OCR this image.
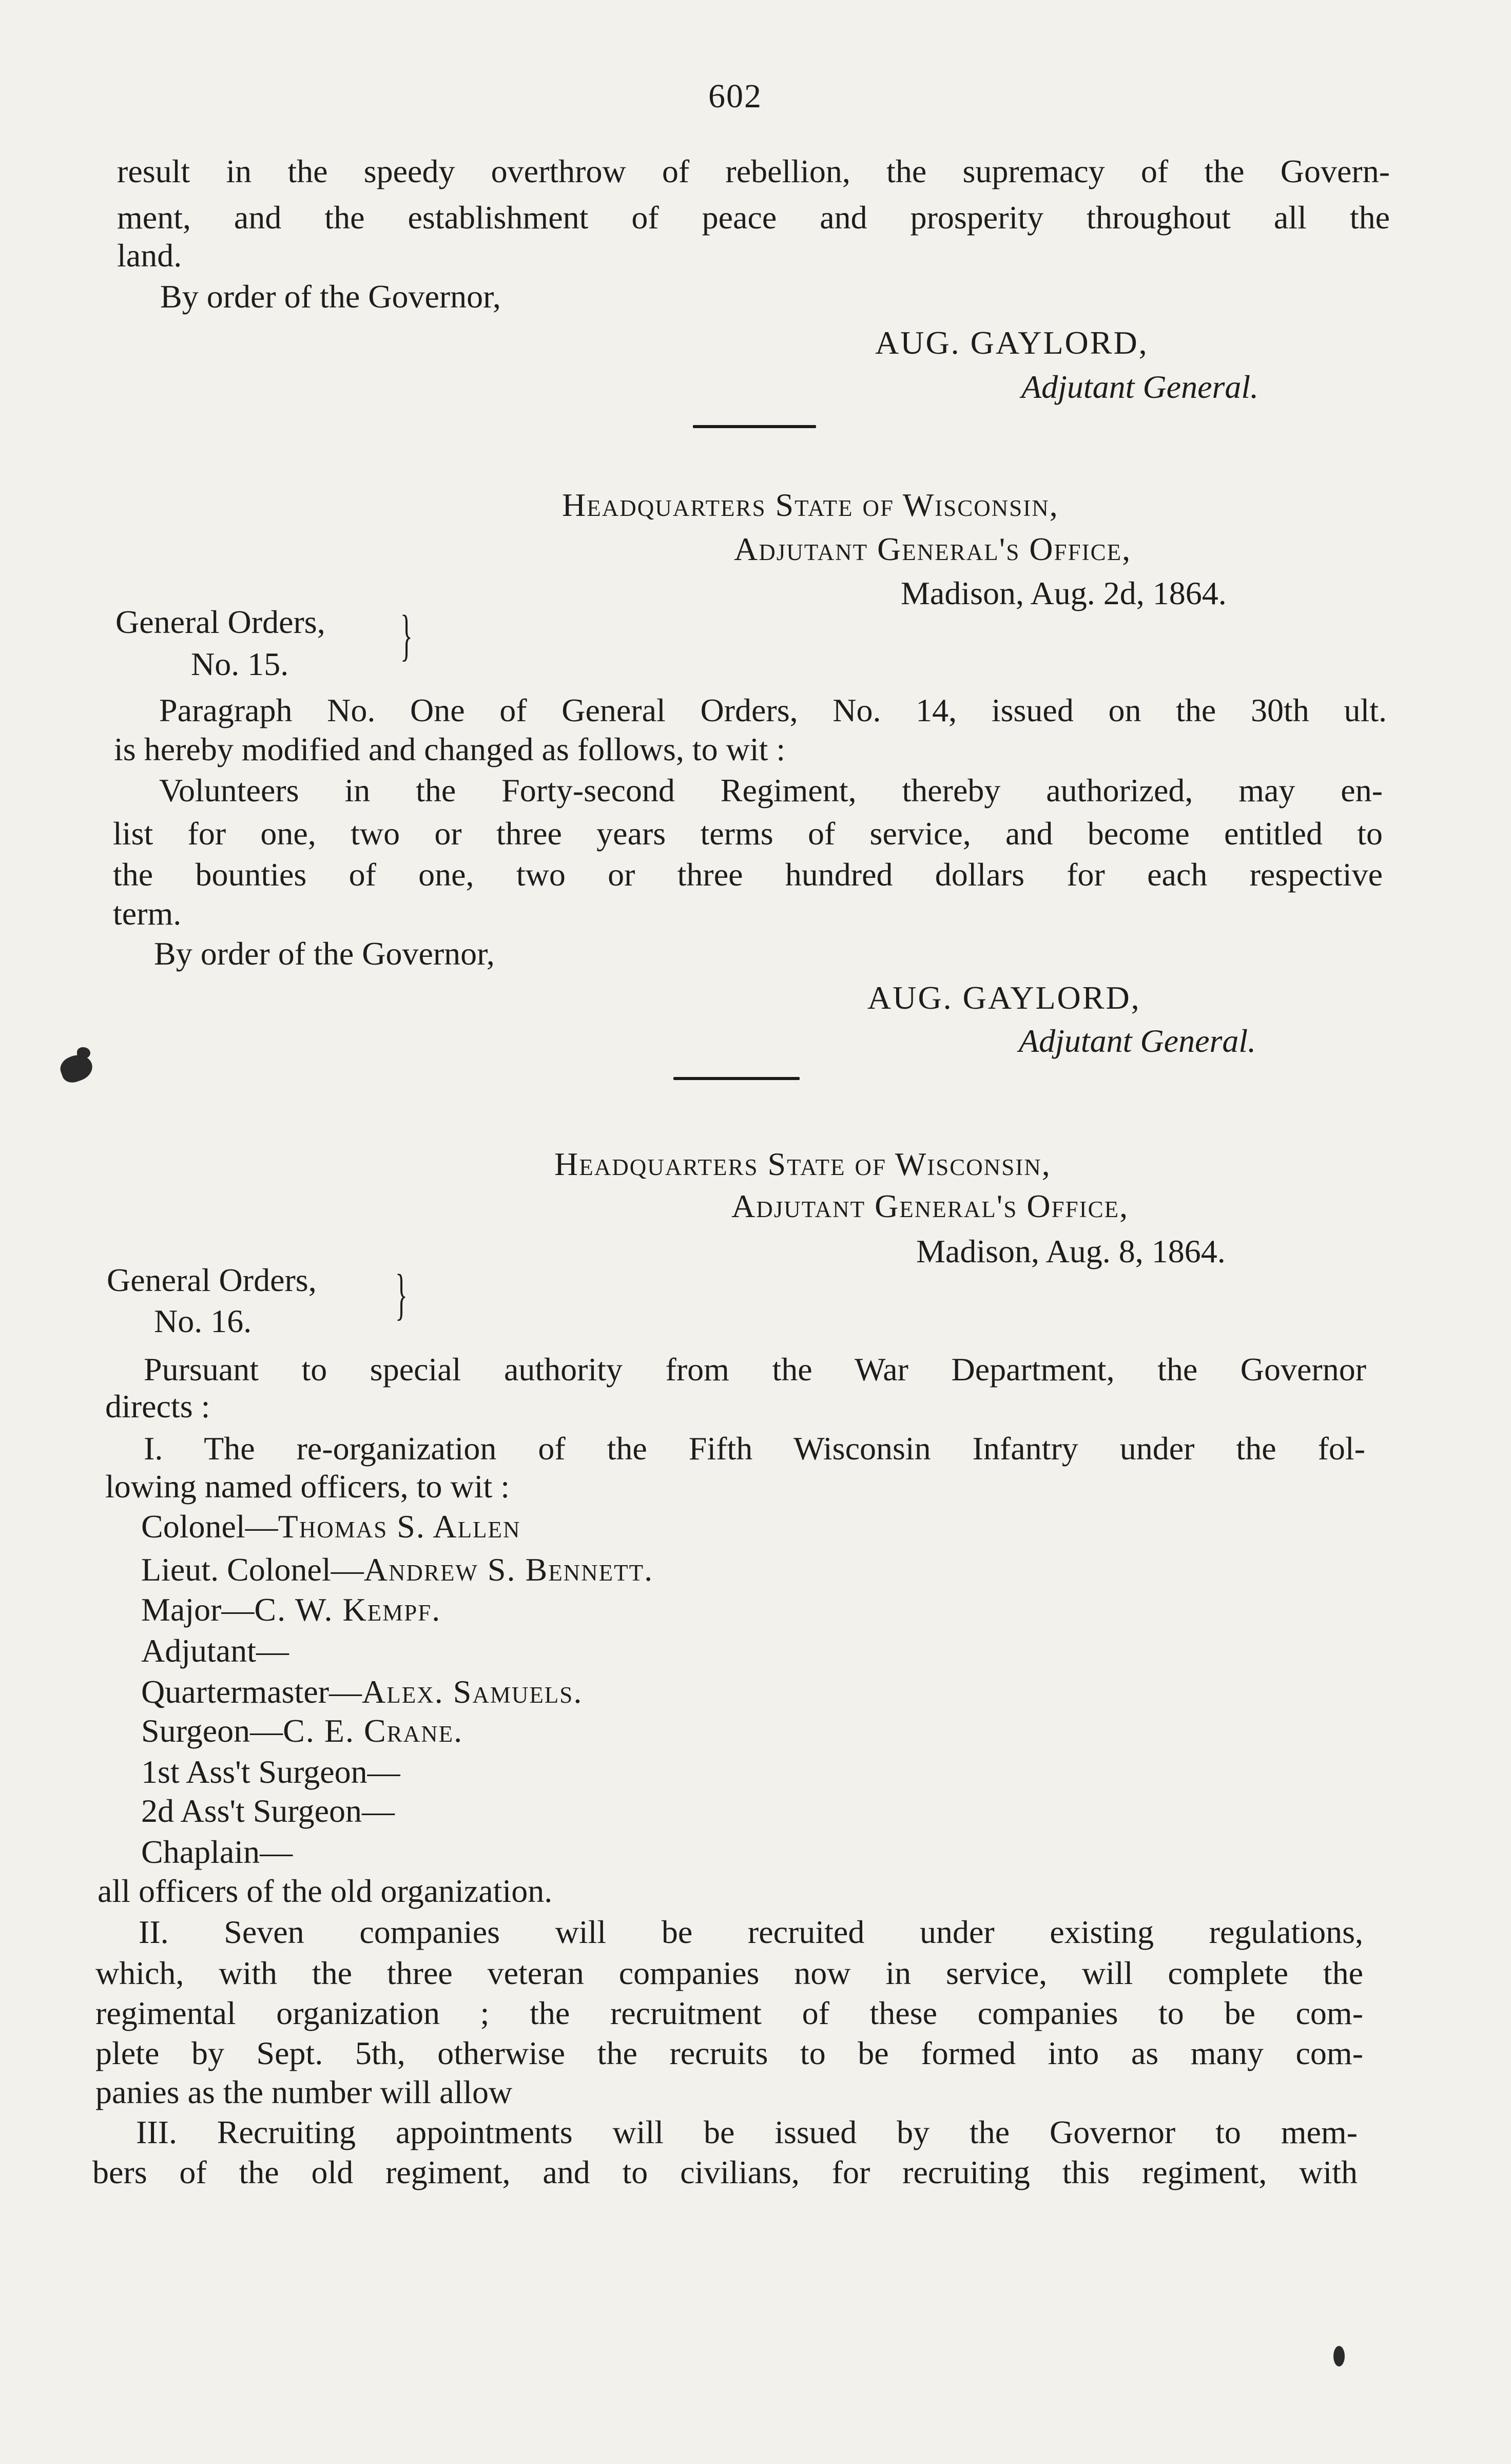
602
result in the speedy overthrow of rebellion, the supremacy of the Govern-
ment, and the establishment of peace and prosperity throughout all the
land.
By order of the Governor,
AUG. GAYLORD,
Adjutant General.
Headquarters State of Wisconsin,
Adjutant General's Office,
Madison, Aug. 2d, 1864.
General Orders,
No. 15. }
Paragraph No. One of General Orders, No. 14, issued on the 30th ult.
is hereby modified and changed as follows, to wit :
Volunteers in the Forty-second Regiment, thereby authorized, may en-
list for one, two or three years terms of service, and become entitled to
the bounties of one, two or three hundred dollars for each respective
term.
By order of the Governor,
AUG. GAYLORD,
Adjutant General.
Headquarters State of Wisconsin,
Adjutant General's Office,
Madison, Aug. 8, 1864.
General Orders,
No. 16.	}
Pursuant to special authority from the War Department, the Governor
directs :
I. The re-organization of the Fifth Wisconsin Infantry under the fol-
lowing named officers, to wit :
Colonel—Thomas S. Allen
Lieut. Colonel—Andrew S. Bennett.
Major—C. W. Kempf.
Adjutant—
Quartermaster—Alex. Samuels.
Surgeon—C. E. Crane.
1st Ass't Surgeon—
2d Ass't Surgeon—
Chaplain—
all officers of the old organization.
II. Seven companies will be recruited under existing regulations,
which, with the three veteran companies now in service, will complete the
regimental organization ; the recruitment of these companies to be com-
plete by Sept. 5th, otherwise the recruits to be formed into as many com-
panies as the number will allow
III. Recruiting appointments will be issued by the Governor to mem-
bers of the old regiment, and to civilians, for recruiting this regiment, with
